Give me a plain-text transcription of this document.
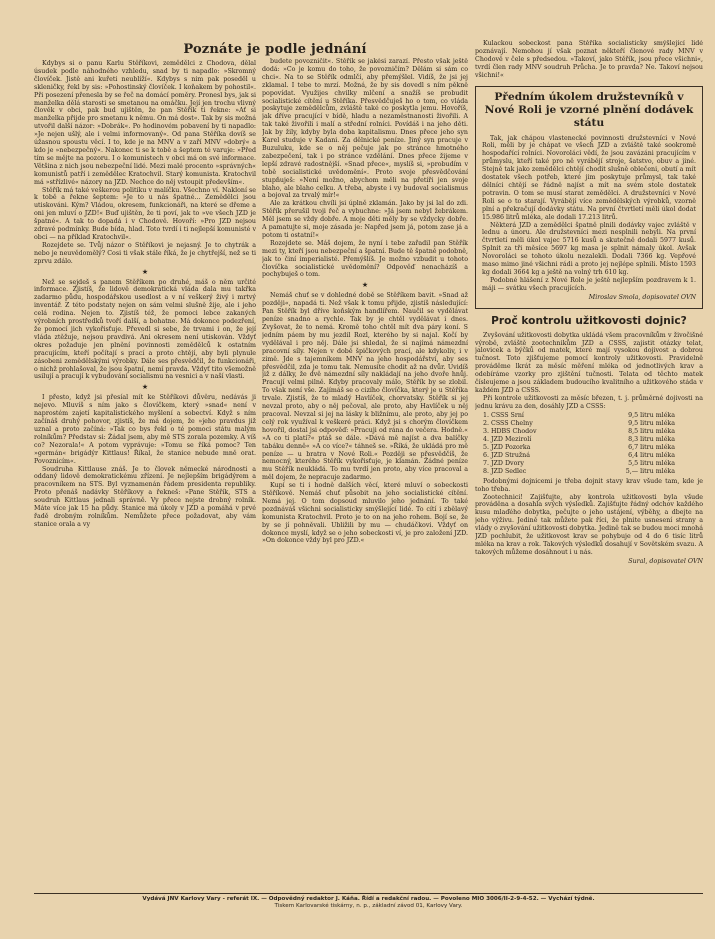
Poznáte je podle jednání

Kdybys si o panu Karlu Stěříkovi, zemědělci z Chodova, dělal úsudek podle náhodného vzhledu, snad by ti napadlo: »Skromný človíček. Jistě ani kuřeti neublíží«. Kdybys s nim pak posedël u skleničky, řekl by sis: »Pohostinský človíček. I koňakem by pohostil«. Při posezení přenesla by se řeč na domácí poměry. Pronesl bys, jak si manželka dělá starosti se smetanou na omáčku. Její jen trochu vlivný člověk v obci, pak bud ujištěn, že pan Stěřík ti řekne: »Ať si manželka přijde pro smetanu k němu. On má dost«. Tak by sis možná utvořil další názor: »Dobrák«. Po hodinovém pobavení by ti napadlo: »Je nejen ušlý, ale i velmi informovaný«. Od pana Stěříka dovíš se úžasnou spoustu věcí. I to, kde je na MNV a v zaří MNV »dobrý« a kdo je »nebezpečný«. Nakonec ti se k tobě a šeptem té varuje: »Před tím se mějte na pozoru. I o komunistech v obci má on své informace. Většina z nich jsou nebezpeční lidé. Mezi malé procento »správných« komunistů patří i zemědělec Kratochvil. Starý komunista. Kratochvil má »střízlivé« názory na JZD. Nechce do něj vstoupit především«.

Stěřík má také veškerou politiku v malíčku. Všechno ví. Nakloní se k tobě a řekne šeptem: »Je to u nás špatné... Zemědělci jsou utiskováni. Kým? Vládou, okresem, funkcionáři, na které se dřeme a oni jen mluví o JZD!« Buď ujištěn, že ti poví, jak to »ve všech JZD je špatné«. A tak to dopadá i v Chodově. Hovoří: »Pro JZD nejsou zdravé podmínky. Bude bída, hlad. Toto tvrdí i ti nejlepší komunisté v obci — na příklad Kratochvil«.

Rozejdete se. Tvůj názor o Stěříkovi je nejasný. Je to chytrák a nebo je neuvědomělý? Cosi ti však stále říká, že je chytřejší, než se ti zprvu zdálo.

★

Než se sejdeš s panem Stěříkem po druhé, máš o něm určité informace. Zjistíš, že lidově demokratická vláda dala mu takřka zadarmo půdu, hospodářskou usedlost a v ní veškerý živý i mrtvý inventář. Z této podstaty nejen on sám velmi slušně žije, ale i jeho celá rodina. Nejen to. Zjistíš též, že pomoci lebce zakaných výrobních prostředků tvoří další, a bohatne. Má dokonce podezření, že pomocí jich vykořisťuje. Převedl si sebe, že trvami i on, že její vláda ztěžuje, nejsou pravdivá. Ani okresem není utiskován. Vždyť okres požaduje jen plnění povinnosti zemědělců k ostatním pracujícím, kteří počítají s prací a proto chtějí, aby byli plynule zásobeni zemědělskými výrobky. Dále ses přesvědčil, že funkcionáři, o nichž prohlašoval, že jsou špatní, nemí pravda. Vždyť tito všemožně usilují a pracují k vybudování socialismu na vesnici a v naší vlasti.

★

I přesto, když jsi přesíal mít ke Stěříkovi důvěru, nedávás ji nejevo. Mluvíš s ním jako s človíčkem, který »snad« není v naprostém zajetí kapitalistického myšlení a sobectví. Když s ním začínáš druhý pohovor, zjistíš, že má dojem, že »jeho pravdus již uznal a proto začíná: »Tak co bys řekl o té pomoci státu malým rolníkům? Představ si: Žádal jsem, aby mě STS zorala pozemky. A víš co? Nezorala!« A potom vyprávuje: »Tomu se říká pomoc? Ten »germán« brigádýr Kittlaus! Říkal, že stanice nebude mně orat. Povoznicím«.

Soudruha Kittlause znáš. Je to človek německé národnosti a oddaný lidově demokratickému zřízení. Je nejlepším brigádýrem a pracovníkem na STS. Byl vyznamenán řádem presidenta republiky. Proto přenáš nadávky Stěříkovy a řekneš: »Pane Stěřík, STS a soudruh Kittlaus jednali správně. Vy přece nejste drobný rolník. Máte více jak 15 ha půdy. Stanice má úkoly v JZD a pomáhá v prvé řadě drobným rolníkům. Nemůžete přece požadovat, aby vám stanice orala a vy

budete povozničit«. Stěřík se jakési zarazí. Přesto však ještě dodá: »Co je komu do toho, že povozničím? Dělám si sám co chci«. Na to se Stěřík odmlčí, aby přemýšlel. Vidíš, že jsi jej zklamal. I tebe to mrzí. Možná, že by sis dovedl s ním pěkně popovídat. Využijes chvilky mlčení a snažíš se probudit socialistické cítění u Stěříka. Přesvědčuješ ho o tom, co vláda poskytuje zemědělcům, zvláště také co poskytla jemu. Hovoříš, jak dříve pracující v bídě, hladu a nezaměstnanosti živořili. A tak také živořili i malí a střední rolníci. Povídáš i na jeho děti. Jak by žily, kdyby byla doba kapitalismu. Dnes přece jeho syn Karel studuje v Kadani. Za dělnické peníze. Jiný syn pracuje v Buzuluku, kde se o něj pečuje jak po stránce hmotného zabezpečení, tak i po stránce vzdělání. Dnes přece žijeme v lepší zdravé radostnější. »Snad přece«, myslíš si, »probudím v tobě socialistické uvědomění«. Proto svoje přesvědčování stupňuješ: »Není možno, abychom měli na přetíři jen svoje blaho, ale blaho celku. A třeba, abyste i vy budoval socialismus a bojoval za trvalý mír!«

Ale za krátkou chvíli jsi úplně zklamán. Jako by jsi lal do zdi. Stěřík přerušil tvoji řeč a vybuchne: »Já jsem nebyl žebrákem. Měl jsem se vždy dobře. A moje děti měly by se vždycky dobře. A pamatujte si, moje zásada je: Napřed jsem já, potom zase já a potom ti ostatní!«

Rozejdete se. Máš dojem, že nyní i tebe zařadil pan Stěřík mezi ty, kteří jsou nebezpeční a špatní. Bude tě špatně podobně, jak to činí imperialisté. Přemýšlíš. Je možno vzbudit u tohoto človíčka socialistické uvědomění? Odpověď nenacházíš a pochybuješ o tom.

★

Nemáš chuť se v dohledné době se Stěříkem bavit. »Snad až později«, napadá ti. Než však k tomu přijde, zjistíš následující: Pan Stěřík byl dříve koňským handlířem. Naučil se vydělávat peníze snadno a rychle. Tak by je chtěl vydělávat i dnes. Zvyšovat, že to nemá. Kromě toho chtěl mít dva páry koní. S jedním páem by mu jezdil Rozl, kterého by si najal. Kočí by vydělával i pro něj. Dále jsi shledal, že si najímá námezdní pracovní síly. Nejen v době špičkových prací, ale kdykoliv, i v zimě. Jde s tajemníkem MNV na jeho hospodářství, aby ses přesvědčil, zda je tomu tak. Nemusíte chodit až na dvůr. Uvidíš již z dálky, že dvě námezdní síly nakládají na jeho dvoře hnůj. Pracují velmi pilně. Kdyby pracovaly málo, Stěřík by se zlobil. To však není vše. Zajímáš se o cizího človíčka, který je u Stěříka trvale. Zjistíš, že to mladý Havlíček, chorvatsky. Stěřík si jej nevzal proto, aby o něj pečoval, ale proto, aby Havlíček u něj pracoval. Nevzal si jej na lásky k bližnímu, ale proto, aby jej po celý rok využíval k veškeré práci. Když jsi s chorým človíčkem hovořil, dostal jsi odpověď: »Pracuji od rána do večera. Hodně.« »A co ti platí?« ptáš se dále. »Dává mě najíst a dva balíčky tabáku denně« »A co více?« táhneš se. »Říká, že ukládá pro mě peníze — u bratra v Nové Roli.« Později se přesvědčíš, že nemocný, kterého Stěřík vykořisťuje, je klamán. Žádné peníze mu Stěřík neukládá. To mu tvrdí jen proto, aby více pracoval a měl dojem, že nepracuje zadarmo.

Kupí se ti i hodně dalších věcí, které mluví o sobeckosti Stěříkově. Nemáš chuť působit na jeho socialistické cítění. Nemá jej. O tom dopsoud mluvilo jeho jednání. To také pozdnáváš všichni socialisticky smýšlející lidé. To cítí i zbělavý komunista Kratochvil. Proto je to on na jeho rohem. Bojí se, že by se jí pohněvali. Ubližili by mu — chudáčkovi. Vždyť on dokonce myslí, když se o jeho sobeckosti ví, je pro založení JZD. »On dokonce vždy byl pro JZD.«

Kulackou sobeckost pana Stěříka socialisticky smýšlející lidé poznávají. Nemohou jí však poznat někteří členové rady MNV v Chodově v čele s předsedou. »Takoví, jako Stěřík, jsou přece všichni«, tvrdí člen rady MNV soudruh Průcha. Je to pravda? Ne. Takoví nejsou všichni!«

Předním úkolem družstevníků v Nové Roli je vzorné plnění dodávek státu

Tak, jak chápou vlastenecké povinnosti družstevníci v Nové Roli, měli by je chápat ve všech JZD a zvláště také sookromě hospodařící rolníci. Novoroláci vědí, že jsou zavázáni pracujícím v průmyslu, kteří také pro ně vyrábějí stroje, šatstvo, obuv a jiné. Stejně tak jako zemědělci chtějí chodit slušně oblečeni, obutí a mít dostatek všech potřeb, které jim poskytuje průmysl, tak také dělníci chtějí se řádně najíst a mít na svém stole dostatek potravin. O tom se musí starat zemědělci. A družstevníci v Nové Roli se o to starají. Vyrábějí více zemědělských výrobků, vzorně plní a překračují dodávky státu. Na první čtvrtletí měli úkol dodat 15.986 litrů mléka, ale dodali 17.213 litrů.

Některá JZD a zemědělci špatně plnili dodávky vajec zvláště v lednu a únoru. Ale družstevníci mezi nesplnili nebyli. Na první čtvrtletí měli úkol vajec 5716 kusů a skutečně dodali 5977 kusů. Splnit za tři měsíce 5697 kg masa je splnit námaly úkol. Avšak Novoroláci se tohoto úkolu nezalekli. Dodali 7366 kg. Vepřové maso mimo jiné všichni rádi a proto jej nejlépe splnili. Místo 1593 kg dodali 3664 kg a ještě na volný trh 610 kg.

Podobné hlášení z Nové Role je ještě nejlepším pozdravem k 1. máji — svátku všech pracujících.

Miroslav Smola, dopisovatel OVN
Proč kontrolu užitkovosti dojnic?

Zvyšování užitkovosti dobytka ukládá všem pracovníkům v živočišné výrobě, zvláště zootechnikům JZD a CSSS, zajistit otázky telat, jalovicek a býčků od matek, které mají vysokou dojivost a dobrou tučnost. Toto zjišťujeme pomocí kontroly užitkovosti. Pravidelně prováděme lkrát za měsíc měření mléka od jednotlivých krav a odebíráme vzorky pro zjištění tučnosti. Telata od těchto matek čísleujeme a jsou základem budoucího kvalitního a užitkového stáda v každém JZD a CSSS.

Při kontrole užitkovosti za měsíc březen, t. j. průměrné dojivosti na jednu krávu za den, dosáhly JZD a CSSS:

1. CSSS Srní	9,5 litru mléka
2. CSSS Chelny	9,5 litru mléka
3. HDBS Chodov	8,5 litru mléka
4. JZD Mezirolí	8,3 litru mléka
5. JZD Pozorka	6,7 litru mléka
6. JZD Stružná	6,4 litru mléka
7. JZD Dvory	5,5 litru mléka
8. JZD Sedlec	5,— litru mléka

Podobnými dojnicemi je třeba dojnit stavy krav všude tam, kde je toho třeba.

Zootechnici! Zajišťujte, aby kontrola užitkovosti byla všude prováděna a dosahla svých výsledků. Zajišťujte řádný odchov každého kusu mlaďého dobytka, pečujte o jeho ustájení, výběhy, a dbejte na jeho výživu. Jedině tak můžete pak říci, že plnite usnesení strany a vlády o zvyšování užitkovosti dobytka. Jedině tak se budou moci mnohá JZD pochlubit, že užitkovost krav se pohybuje od 4 do 6 tisíc litrů mléka na krav a rok. Takových výsledků dosahují v Sovětském svazu. A takových můžeme dosáhnout i u nás.

Sural, dopisovatel OVN
Vydává JNV Karlovy Vary - referát IX. — Odpovědný redaktor J. Káňa. Řídí a redakční radou. — Povoleno MIO 3006/II-2-9-4-52. — Vychází týdně.
Tiskem Karlovarské tiskárny, n. p., základní závod 01, Karlovy Vary.
